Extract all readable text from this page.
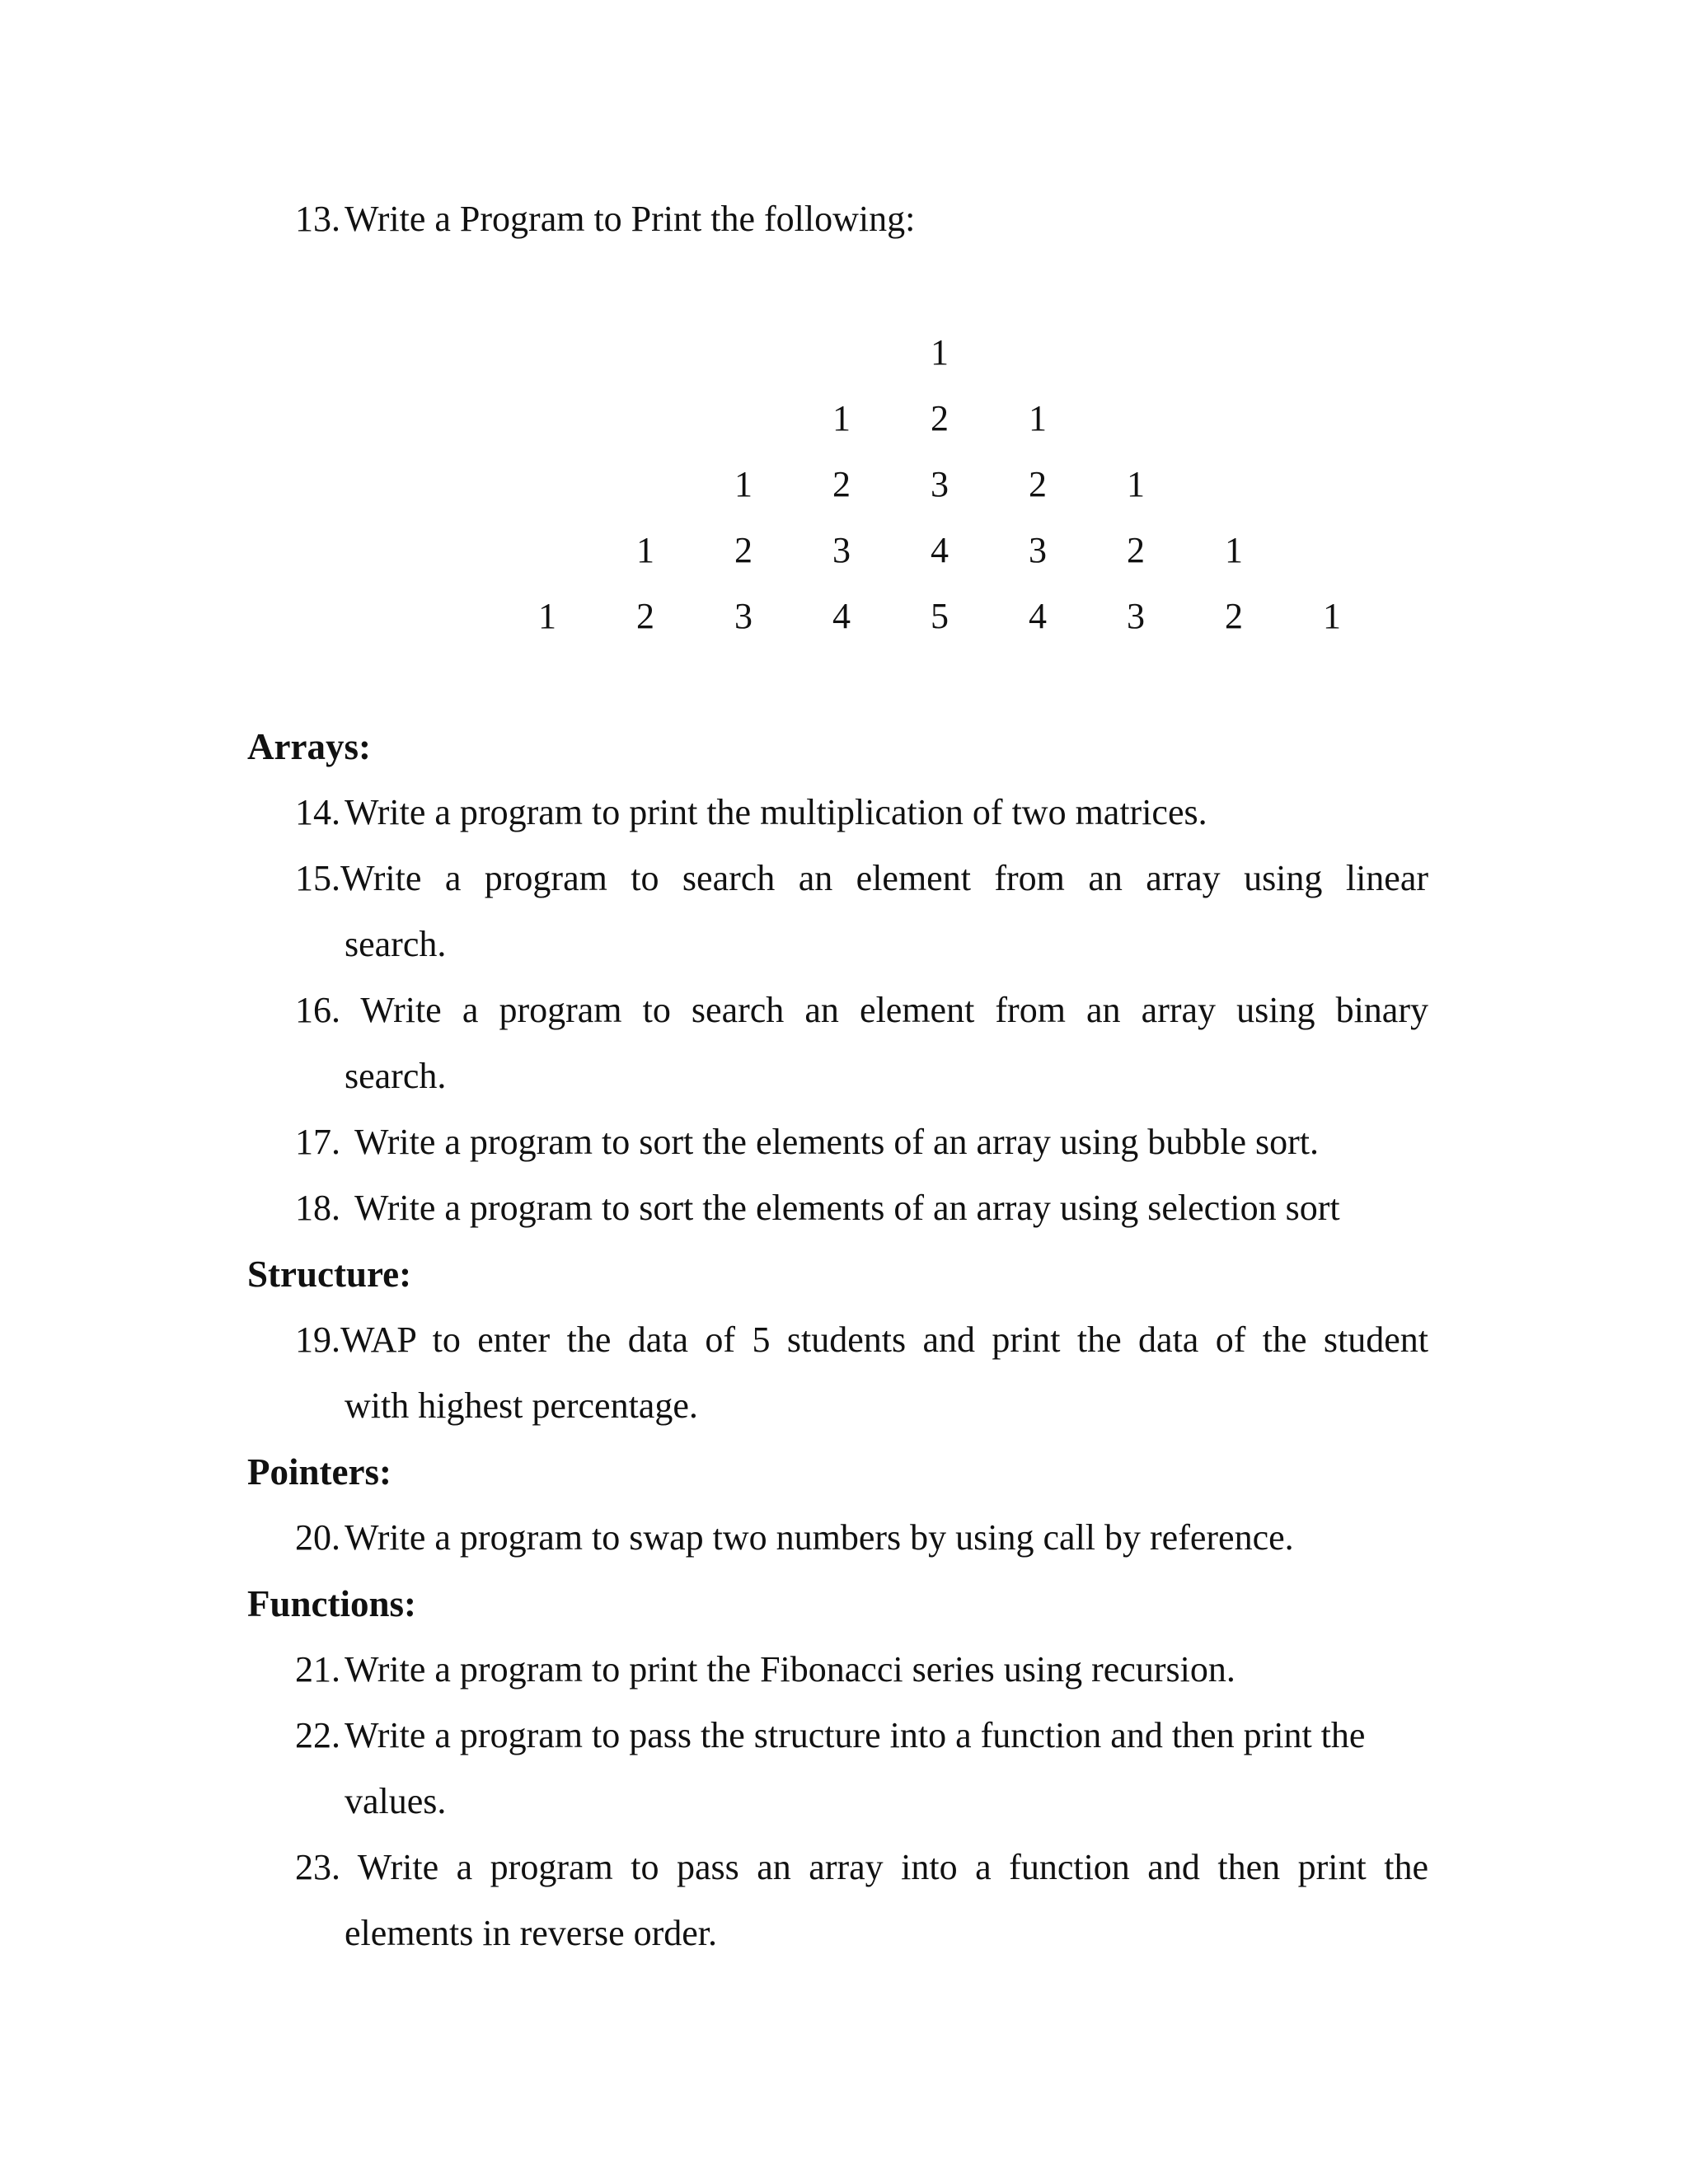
13. Write a Program to Print the following:
1
1 2 1
1 2 3 2 1
1 2 3 4 3 2 1
1 2 3 4 5 4 3 2 1
Arrays:
14. Write a program to print the multiplication of two matrices.
15.Write a program to search an element from an array using linear
search.
16. Write a program to search an element from an array using binary
search.
17. Write a program to sort the elements of an array using bubble sort.
18. Write a program to sort the elements of an array using selection sort
Structure:
19.WAP to enter the data of 5 students and print the data of the student
with highest percentage.
Pointers:
20. Write a program to swap two numbers by using call by reference.
Functions:
21. Write a program to print the Fibonacci series using recursion.
22. Write a program to pass the structure into a function and then print the
values.
23. Write a program to pass an array into a function and then print the
elements in reverse order.
